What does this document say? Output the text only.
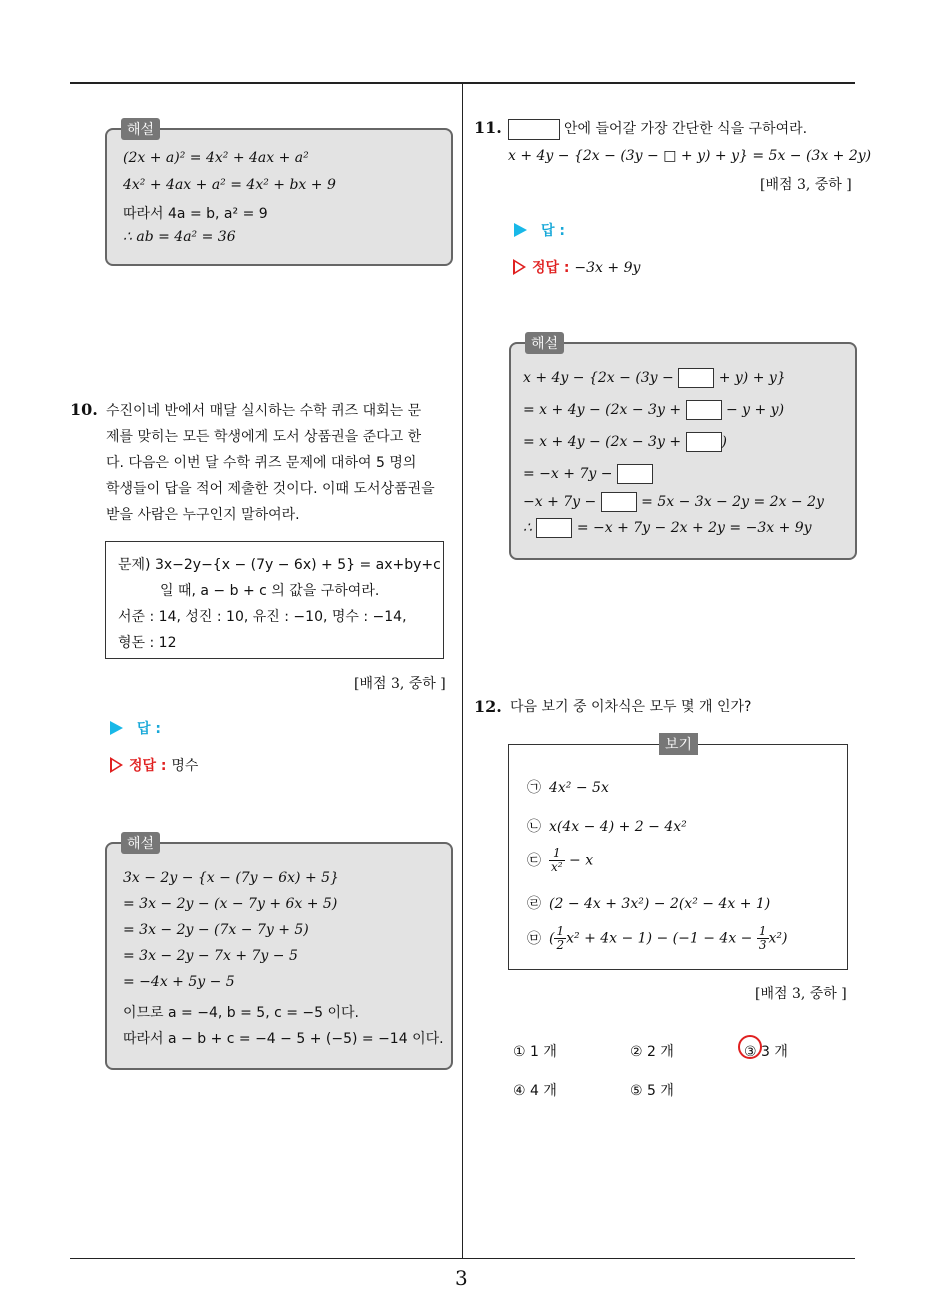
3
해설
(2x + a)² = 4x² + 4ax + a²
4x² + 4ax + a² = 4x² + bx + 9
따라서 4a = b, a² = 9
∴ ab = 4a² = 36
10. 수진이네 반에서 매달 실시하는 수학 퀴즈 대회는 문
제를 맞히는 모든 학생에게 도서 상품권을 준다고 한
다. 다음은 이번 달 수학 퀴즈 문제에 대하여 5 명의
학생들이 답을 적어 제출한 것이다. 이때 도서상품권을
받을 사람은 누구인지 말하여라.
문제) 3x−2y−{x − (7y − 6x) + 5} = ax+by+c
일 때, a − b + c 의 값을 구하여라.
서준 : 14, 성진 : 10, 유진 : −10, 명수 : −14,
형돈 : 12
[배점 3, 중하 ]
답 :
정답 : 명수
해설
3x − 2y − {x − (7y − 6x) + 5}
= 3x − 2y − (x − 7y + 6x + 5)
= 3x − 2y − (7x − 7y + 5)
= 3x − 2y − 7x + 7y − 5
= −4x + 5y − 5
이므로 a = −4, b = 5, c = −5 이다.
따라서 a − b + c = −4 − 5 + (−5) = −14 이다.
11.	안에 들어갈 가장 간단한 식을 구하여라.
x + 4y − {2x − (3y − □ + y) + y} = 5x − (3x + 2y)
[배점 3, 중하 ]
답 :
정답 : −3x + 9y
해설
x + 4y − {2x − (3y −	+ y) + y}
= x + 4y − (2x − 3y +	− y + y)
= x + 4y − (2x − 3y +	)
= −x + 7y −
−x + 7y −	= 5x − 3x − 2y = 2x − 2y
∴	= −x + 7y − 2x + 2y = −3x + 9y
12. 다음 보기 중 이차식은 모두 몇 개 인가?
보기
㉠ 4x² − 5x
㉡ x(4x − 4) + 2 − 4x²
㉢ $\frac{1}{\text{x²}} - x$
㉣ (2 − 4x + 3x²) − 2(x² − 4x + 1)
㉤ ( $\frac{1}{2} x^2 + 4x - 1) - (-1 - 4x - \frac{1}{3} x^2)$
[배점 3, 중하 ]
① 1 개	② 2 개	③ 3 개
④ 4 개	⑤ 5 개
